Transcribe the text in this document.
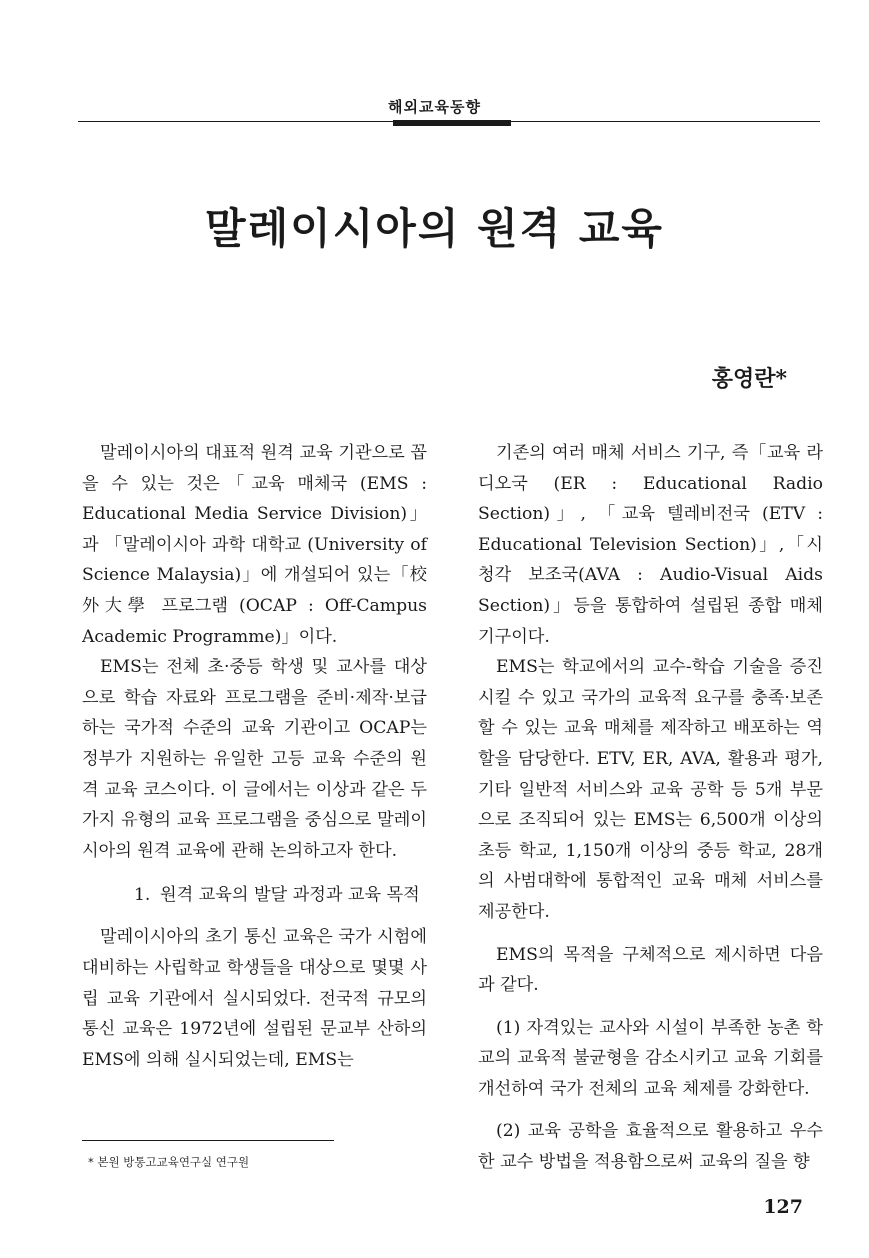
해외교육동향
말레이시아의 원격 교육
홍영란*

말레이시아의 대표적 원격 교육 기관으로 꼽을 수 있는 것은「교육 매체국 (EMS : Educational Media Service Division)」과 「말레이시아 과학 대학교 (University of Science Malaysia)」에 개설되어 있는「校外大學 프로그램 (OCAP : Off-Campus Academic Programme)」이다.

EMS는 전체 초·중등 학생 및 교사를 대상으로 학습 자료와 프로그램을 준비·제작·보급하는 국가적 수준의 교육 기관이고 OCAP는 정부가 지원하는 유일한 고등 교육 수준의 원격 교육 코스이다. 이 글에서는 이상과 같은 두가지 유형의 교육 프로그램을 중심으로 말레이시아의 원격 교육에 관해 논의하고자 한다.

1. 원격 교육의 발달 과정과 교육 목적

말레이시아의 초기 통신 교육은 국가 시험에 대비하는 사립학교 학생들을 대상으로 몇몇 사립 교육 기관에서 실시되었다. 전국적 규모의 통신 교육은 1972년에 설립된 문교부 산하의 EMS에 의해 실시되었는데, EMS는

기존의 여러 매체 서비스 기구, 즉「교육 라디오국 (ER : Educational Radio Section)」, 「교육 텔레비전국 (ETV : Educational Television Section)」,「시청각 보조국(AVA : Audio-Visual Aids Section)」등을 통합하여 설립된 종합 매체 기구이다.

EMS는 학교에서의 교수-학습 기술을 증진시킬 수 있고 국가의 교육적 요구를 충족·보존할 수 있는 교육 매체를 제작하고 배포하는 역할을 담당한다. ETV, ER, AVA, 활용과 평가, 기타 일반적 서비스와 교육 공학 등 5개 부문으로 조직되어 있는 EMS는 6,500개 이상의 초등 학교, 1,150개 이상의 중등 학교, 28개의 사범대학에 통합적인 교육 매체 서비스를 제공한다.

EMS의 목적을 구체적으로 제시하면 다음과 같다.

(1) 자격있는 교사와 시설이 부족한 농촌 학교의 교육적 불균형을 감소시키고 교육 기회를 개선하여 국가 전체의 교육 체제를 강화한다.

(2) 교육 공학을 효율적으로 활용하고 우수한 교수 방법을 적용함으로써 교육의 질을 향

* 본원 방통고교육연구실 연구원
127
